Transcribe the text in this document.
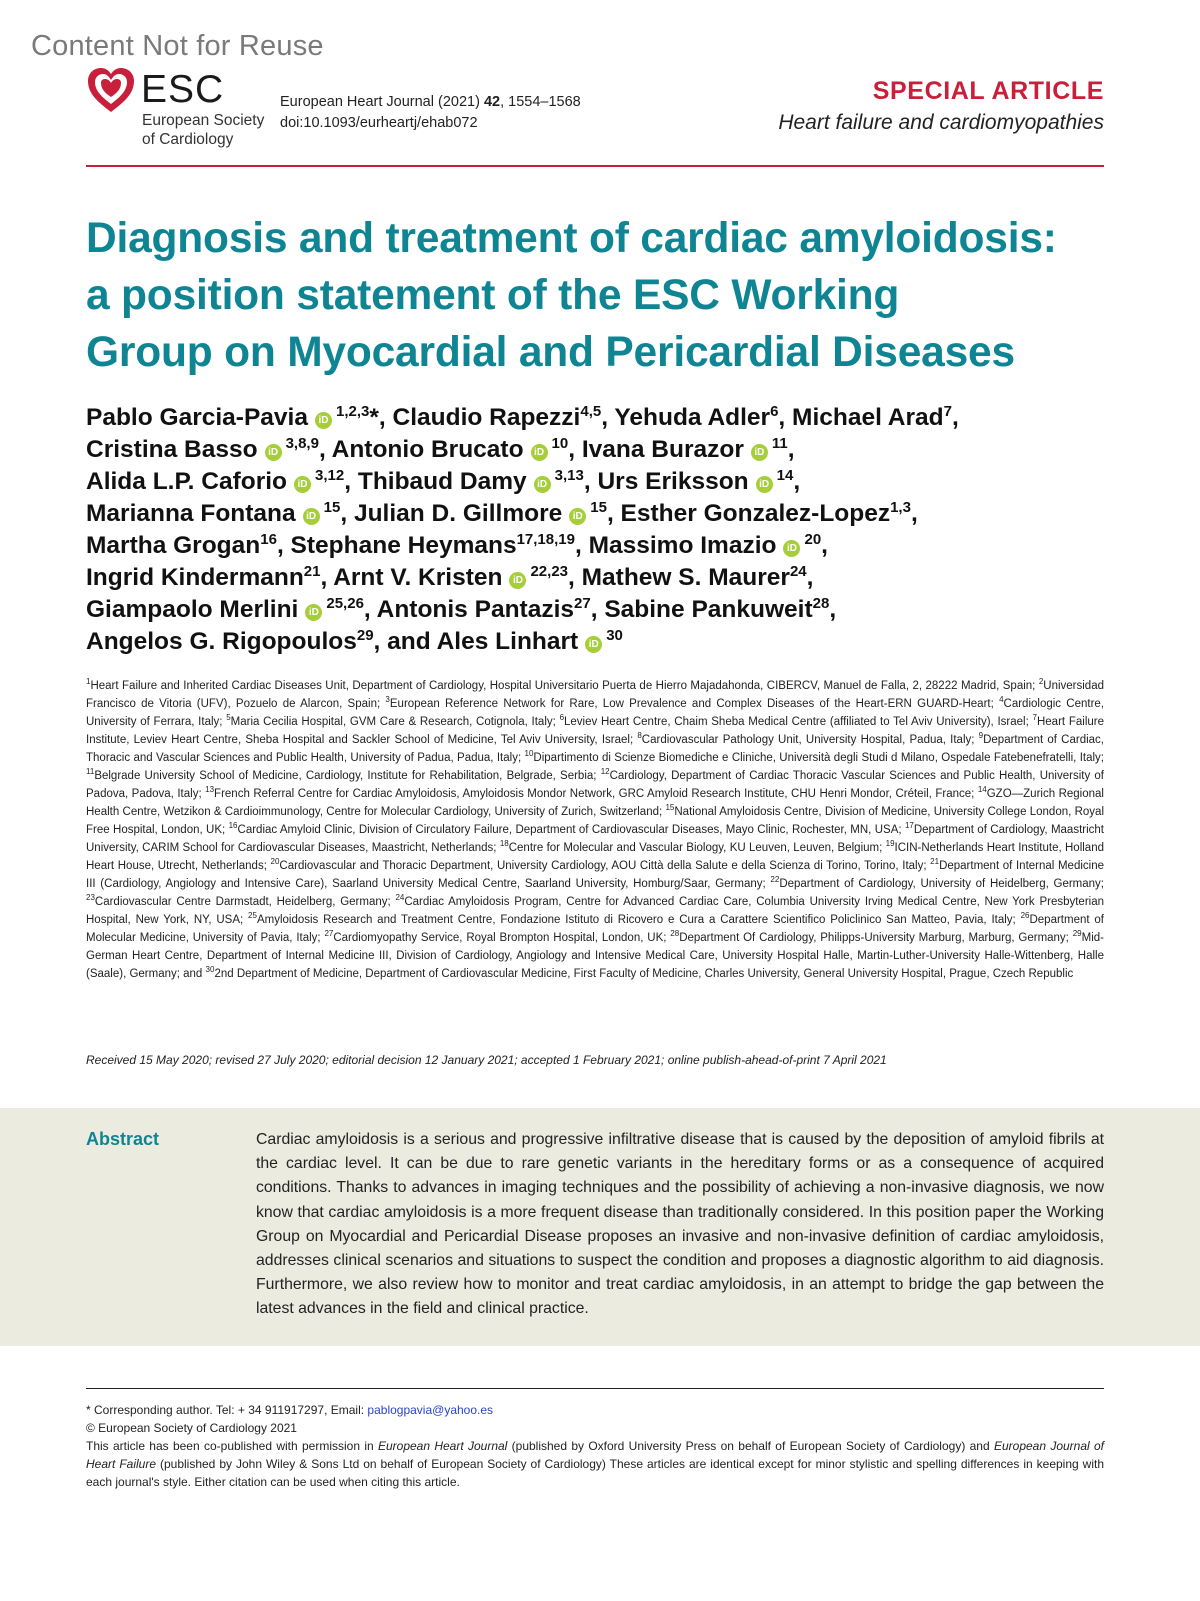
Content Not for Reuse
ESC
European Society
of Cardiology
European Heart Journal (2021) 42, 1554–1568
doi:10.1093/eurheartj/ehab072
SPECIAL ARTICLE
Heart failure and cardiomyopathies
Diagnosis and treatment of cardiac amyloidosis:
a position statement of the ESC Working
Group on Myocardial and Pericardial Diseases
Pablo Garcia-Pavia iD$^{1,2,3}$*, Claudio Rapezzi$^{4,5}$, Yehuda Adler$^6$, Michael Arad$^7$,
Cristina Basso iD$^{3,8,9}$, Antonio Brucato $iD^{10}$, Ivana Burazor $iD^{11}$,
Alida L.P. Caforio iD$^{3,12}$, Thibaud Damy iD$^{3,13}$, Urs Eriksson $iD^{14}$,
Marianna Fontana $iD^{15}$, Julian D. Gillmore $iD^{15}$, Esther Gonzalez-Lopez$^{1,3}$,
Martha Grogan$^{16}$, Stephane Heymans$^{17,18,19}$, Massimo Imazio $iD^{20}$,
Ingrid Kindermann$^{21}$, Arnt V. Kristen iD$^{22,23}$, Mathew S. Maurer$^{24}$,
Giampaolo Merlini iD$^{25,26}$, Antonis Pantazis$^{27}$, Sabine Pankuweit$^{28}$,
Angelos G. Rigopoulos$^{29}$, and Ales Linhart $iD^{30}$
$^1$Heart Failure and Inherited Cardiac Diseases Unit, Department of Cardiology, Hospital Universitario Puerta de Hierro Majadahonda, CIBERCV, Manuel de Falla, 2, 28222 Madrid, Spain; $^2$Universidad Francisco de Vitoria (UFV), Pozuelo de Alarcon, Spain; $^3$European Reference Network for Rare, Low Prevalence and Complex Diseases of the Heart-ERN GUARD-Heart; $^4$Cardiologic Centre, University of Ferrara, Italy; $^5$Maria Cecilia Hospital, GVM Care & Research, Cotignola, Italy; $^6$Leviev Heart Centre, Chaim Sheba Medical Centre (affiliated to Tel Aviv University), Israel; $^7$Heart Failure Institute, Leviev Heart Centre, Sheba Hospital and Sackler School of Medicine, Tel Aviv University, Israel; $^8$Cardiovascular Pathology Unit, University Hospital, Padua, Italy; $^9$Department of Cardiac, Thoracic and Vascular Sciences and Public Health, University of Padua, Padua, Italy; $^{10}$Dipartimento di Scienze Biomediche e Cliniche, Università degli Studi d Milano, Ospedale Fatebenefratelli, Italy; $^{11}$Belgrade University School of Medicine, Cardiology, Institute for Rehabilitation, Belgrade, Serbia; $^{12}$Cardiology, Department of Cardiac Thoracic Vascular Sciences and Public Health, University of Padova, Padova, Italy; $^{13}$French Referral Centre for Cardiac Amyloidosis, Amyloidosis Mondor Network, GRC Amyloid Research Institute, CHU Henri Mondor, Créteil, France; $^{14}$GZO—Zurich Regional Health Centre, Wetzikon & Cardioimmunology, Centre for Molecular Cardiology, University of Zurich, Switzerland; $^{15}$National Amyloidosis Centre, Division of Medicine, University College London, Royal Free Hospital, London, UK; $^{16}$Cardiac Amyloid Clinic, Division of Circulatory Failure, Department of Cardiovascular Diseases, Mayo Clinic, Rochester, MN, USA; $^{17}$Department of Cardiology, Maastricht University, CARIM School for Cardiovascular Diseases, Maastricht, Netherlands; $^{18}$Centre for Molecular and Vascular Biology, KU Leuven, Leuven, Belgium; $^{19}$ICIN-Netherlands Heart Institute, Holland Heart House, Utrecht, Netherlands; $^{20}$Cardiovascular and Thoracic Department, University Cardiology, AOU Città della Salute e della Scienza di Torino, Torino, Italy; $^{21}$Department of Internal Medicine III (Cardiology, Angiology and Intensive Care), Saarland University Medical Centre, Saarland University, Homburg/Saar, Germany; $^{22}$Department of Cardiology, University of Heidelberg, Germany; $^{23}$Cardiovascular Centre Darmstadt, Heidelberg, Germany; $^{24}$Cardiac Amyloidosis Program, Centre for Advanced Cardiac Care, Columbia University Irving Medical Centre, New York Presbyterian Hospital, New York, NY, USA; $^{25}$Amyloidosis Research and Treatment Centre, Fondazione Istituto di Ricovero e Cura a Carattere Scientifico Policlinico San Matteo, Pavia, Italy; $^{26}$Department of Molecular Medicine, University of Pavia, Italy; $^{27}$Cardiomyopathy Service, Royal Brompton Hospital, London, UK; $^{28}$Department Of Cardiology, Philipps-University Marburg, Marburg, Germany; $^{29}$Mid-German Heart Centre, Department of Internal Medicine III, Division of Cardiology, Angiology and Intensive Medical Care, University Hospital Halle, Martin-Luther-University Halle-Wittenberg, Halle (Saale), Germany; and $^{30}$2nd Department of Medicine, Department of Cardiovascular Medicine, First Faculty of Medicine, Charles University, General University Hospital, Prague, Czech Republic
Received 15 May 2020; revised 27 July 2020; editorial decision 12 January 2021; accepted 1 February 2021; online publish-ahead-of-print 7 April 2021
Abstract	Cardiac amyloidosis is a serious and progressive infiltrative disease that is caused by the deposition of amyloid fibrils at the cardiac level. It can be due to rare genetic variants in the hereditary forms or as a consequence of acquired conditions. Thanks to advances in imaging techniques and the possibility of achieving a non-invasive diagnosis, we now know that cardiac amyloidosis is a more frequent disease than traditionally considered. In this position paper the Working Group on Myocardial and Pericardial Disease proposes an invasive and non-invasive definition of cardiac amyloidosis, addresses clinical scenarios and situations to suspect the condition and proposes a diagnostic algorithm to aid diagnosis. Furthermore, we also review how to monitor and treat cardiac amyloidosis, in an attempt to bridge the gap between the latest advances in the field and clinical practice.
* Corresponding author. Tel: + 34 911917297, Email: pablogpavia@yahoo.es
© European Society of Cardiology 2021
This article has been co-published with permission in European Heart Journal (published by Oxford University Press on behalf of European Society of Cardiology) and European Journal of Heart Failure (published by John Wiley & Sons Ltd on behalf of European Society of Cardiology) These articles are identical except for minor stylistic and spelling differences in keeping with each journal's style. Either citation can be used when citing this article.
